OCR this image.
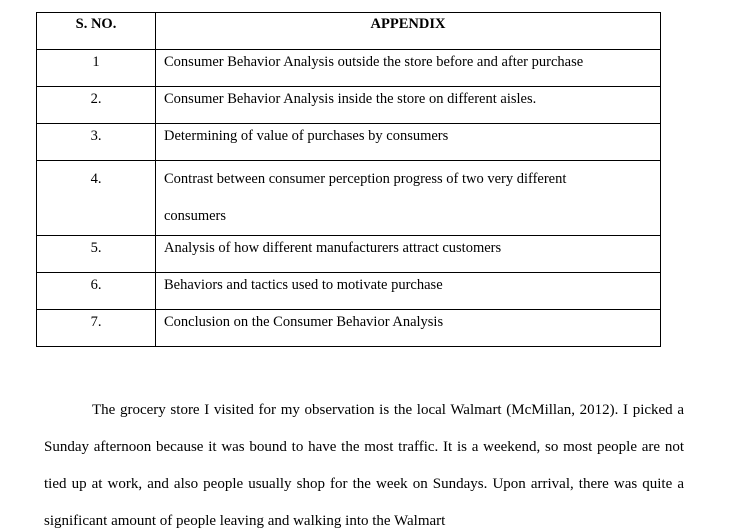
S. NO.	APPENDIX
1	Consumer Behavior Analysis outside the store before and after purchase
2.	Consumer Behavior Analysis inside the store on different aisles.
3.	Determining of value of purchases by consumers
4.	Contrast between consumer perception progress of two very different
consumers
5.	Analysis of how different manufacturers attract customers
6.	Behaviors and tactics used to motivate purchase
7.	Conclusion on the Consumer Behavior Analysis

The grocery store I visited for my observation is the local Walmart (McMillan, 2012). I picked a Sunday afternoon because it was bound to have the most traffic. It is a weekend, so most people are not tied up at work, and also people usually shop for the week on Sundays. Upon arrival, there was quite a significant amount of people leaving and walking into the Walmart
